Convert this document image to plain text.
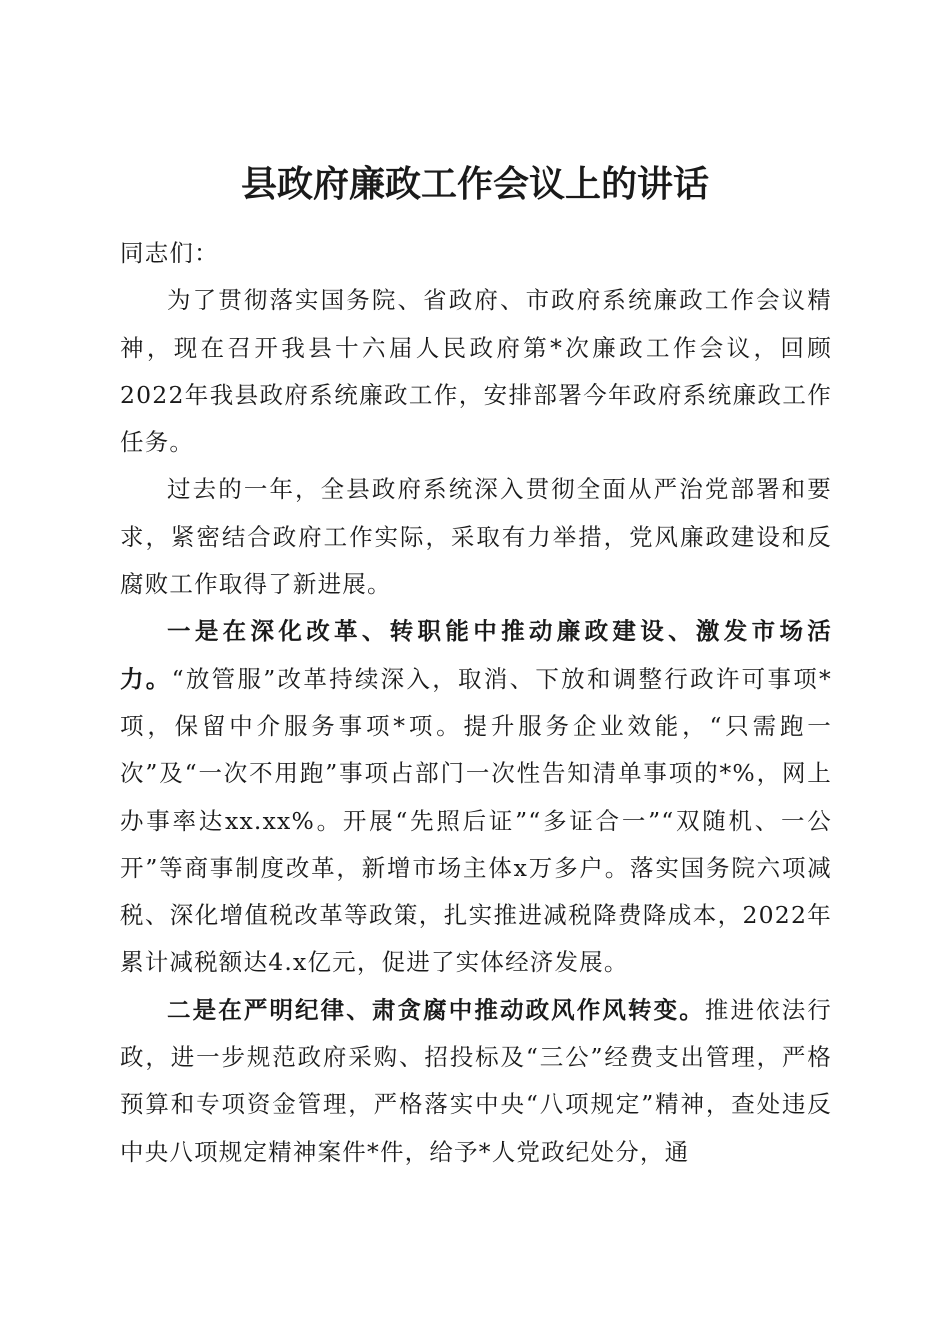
县政府廉政工作会议上的讲话

同志们：

为了贯彻落实国务院、省政府、市政府系统廉政工作会议精神，现在召开我县十六届人民政府第*次廉政工作会议，回顾2022年我县政府系统廉政工作，安排部署今年政府系统廉政工作任务。

过去的一年，全县政府系统深入贯彻全面从严治党部署和要求，紧密结合政府工作实际，采取有力举措，党风廉政建设和反腐败工作取得了新进展。

一是在深化改革、转职能中推动廉政建设、激发市场活力。“放管服”改革持续深入，取消、下放和调整行政许可事项*项，保留中介服务事项*项。提升服务企业效能，“只需跑一次”及“一次不用跑”事项占部门一次性告知清单事项的*%，网上办事率达xx.xx%。开展“先照后证”“多证合一”“双随机、一公开”等商事制度改革，新增市场主体x万多户。落实国务院六项减税、深化增值税改革等政策，扎实推进减税降费降成本，2022年累计减税额达4.x亿元，促进了实体经济发展。

二是在严明纪律、肃贪腐中推动政风作风转变。推进依法行政，进一步规范政府采购、招投标及“三公”经费支出管理，严格预算和专项资金管理，严格落实中央“八项规定”精神，查处违反中央八项规定精神案件*件，给予*人党政纪处分，通
